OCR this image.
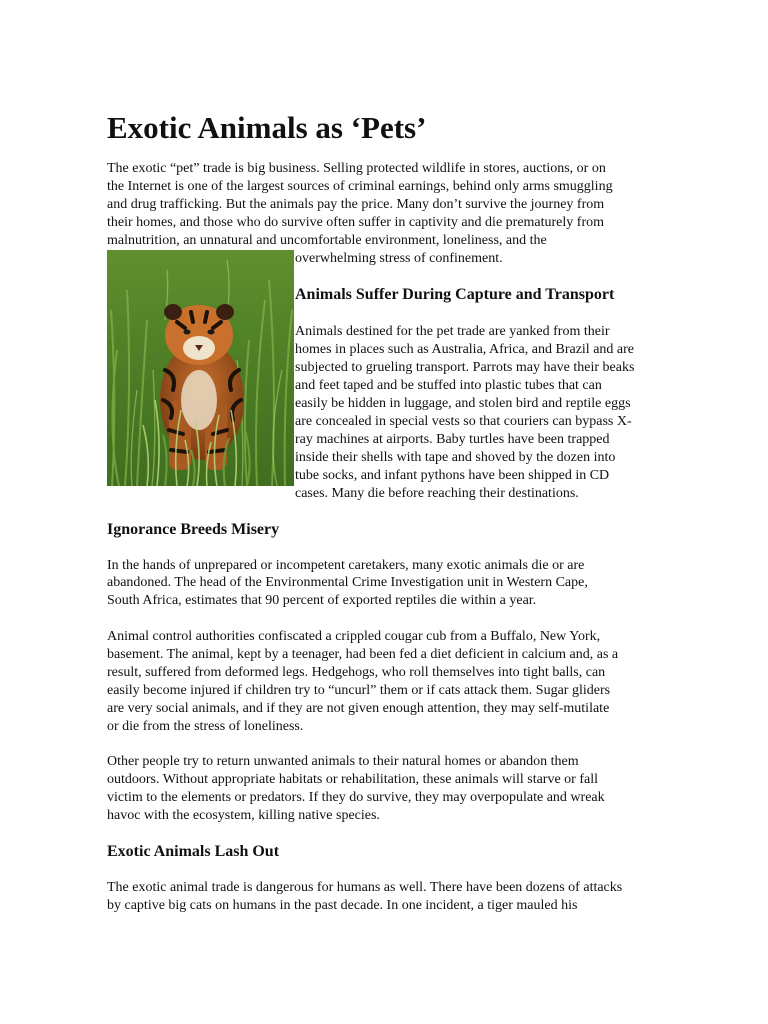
Exotic Animals as ‘Pets’

The exotic “pet” trade is big business. Selling protected wildlife in stores, auctions, or on

the Internet is one of the largest sources of criminal earnings, behind only arms smuggling

and drug trafficking. But the animals pay the price. Many don’t survive the journey from

their homes, and those who do survive often suffer in captivity and die prematurely from

malnutrition, an unnatural and uncomfortable environment, loneliness, and the

overwhelming stress of confinement.

Animals Suffer During Capture and Transport

Animals destined for the pet trade are yanked from their

homes in places such as Australia, Africa, and Brazil and are

subjected to grueling transport. Parrots may have their beaks

and feet taped and be stuffed into plastic tubes that can

easily be hidden in luggage, and stolen bird and reptile eggs

are concealed in special vests so that couriers can bypass X-

ray machines at airports. Baby turtles have been trapped

inside their shells with tape and shoved by the dozen into

tube socks, and infant pythons have been shipped in CD

cases. Many die before reaching their destinations.

Ignorance Breeds Misery

In the hands of unprepared or incompetent caretakers, many exotic animals die or are

abandoned. The head of the Environmental Crime Investigation unit in Western Cape,

South Africa, estimates that 90 percent of exported reptiles die within a year.

Animal control authorities confiscated a crippled cougar cub from a Buffalo, New York,

basement. The animal, kept by a teenager, had been fed a diet deficient in calcium and, as a

result, suffered from deformed legs. Hedgehogs, who roll themselves into tight balls, can

easily become injured if children try to “uncurl” them or if cats attack them. Sugar gliders

are very social animals, and if they are not given enough attention, they may self-mutilate

or die from the stress of loneliness.

Other people try to return unwanted animals to their natural homes or abandon them

outdoors. Without appropriate habitats or rehabilitation, these animals will starve or fall

victim to the elements or predators. If they do survive, they may overpopulate and wreak

havoc with the ecosystem, killing native species.

Exotic Animals Lash Out

The exotic animal trade is dangerous for humans as well. There have been dozens of attacks

by captive big cats on humans in the past decade. In one incident, a tiger mauled his
